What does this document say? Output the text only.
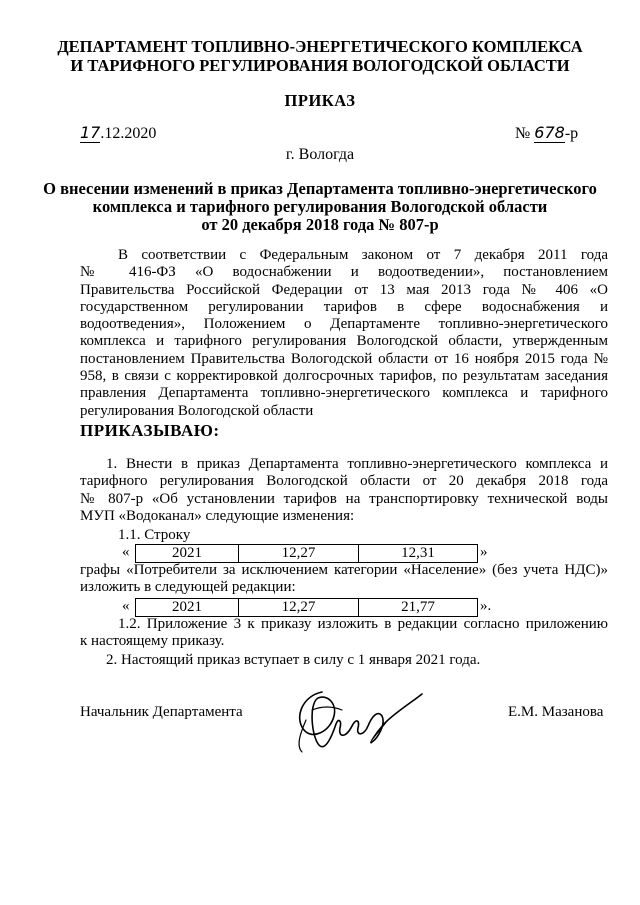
ДЕПАРТАМЕНТ ТОПЛИВНО-ЭНЕРГЕТИЧЕСКОГО КОМПЛЕКСА
И ТАРИФНОГО РЕГУЛИРОВАНИЯ ВОЛОГОДСКОЙ ОБЛАСТИ
ПРИКАЗ
17.12.2020	№ 678-р
г. Вологда
О внесении изменений в приказ Департамента топливно-энергетического
комплекса и тарифного регулирования Вологодской области
от 20 декабря 2018 года № 807-р
В соответствии с Федеральным законом от 7 декабря 2011 года
№ 416-ФЗ «О водоснабжении и водоотведении», постановлением
Правительства Российской Федерации от 13 мая 2013 года № 406 «О
государственном регулировании тарифов в сфере водоснабжения и
водоотведения», Положением о Департаменте топливно-энергетического
комплекса и тарифного регулирования Вологодской области, утвержденным
постановлением Правительства Вологодской области от 16 ноября 2015 года №
958, в связи с корректировкой долгосрочных тарифов, по результатам заседания
правления Департамента топливно-энергетического комплекса и тарифного
регулирования Вологодской области
ПРИКАЗЫВАЮ:
1. Внести в приказ Департамента топливно-энергетического комплекса и
тарифного регулирования Вологодской области от 20 декабря 2018 года
№ 807-р «Об установлении тарифов на транспортировку технической воды
МУП «Водоканал» следующие изменения:
1.1. Строку
«	2021	12,27	12,31	»
графы «Потребители за исключением категории «Население» (без учета НДС)»
изложить в следующей редакции:
«	2021	12,27	21,77	».
1.2. Приложение 3 к приказу изложить в редакции согласно приложению
к настоящему приказу.
2. Настоящий приказ вступает в силу с 1 января 2021 года.
Начальник Департамента	Е.М. Мазанова
